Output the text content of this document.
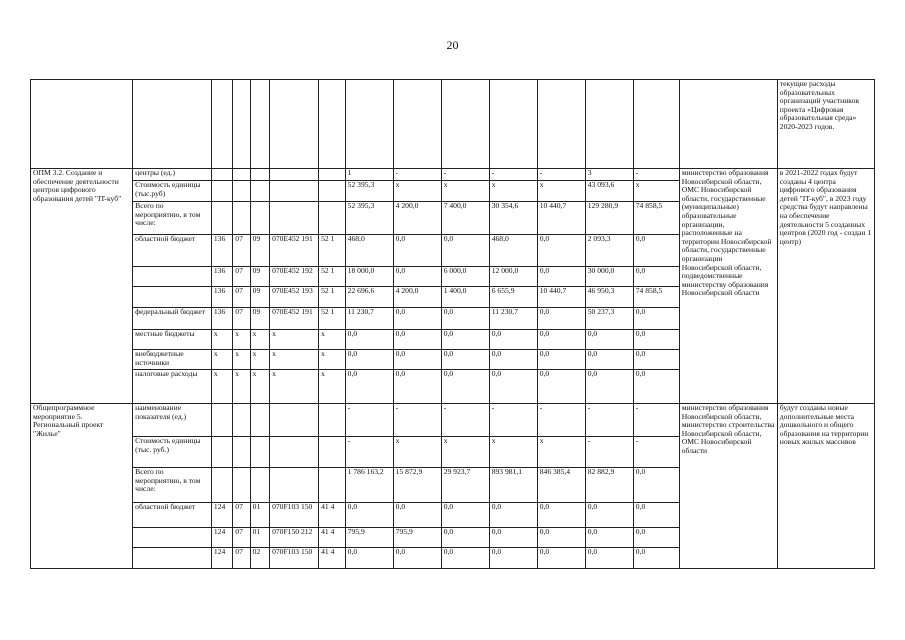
20
															текущие расходы образовательных организаций участников проекта «Цифровая образовательная среда» 2020-2023 годов.
ОПМ 3.2. Создание и обеспечение деятельности центров цифрового образования детей "IT-куб"	центры (ед.)						1	-	-	-	-	3	-	министерство образования Новосибирской области, ОМС Новосибирской области, государственные (муниципальные) образовательные организации, расположенные на территории Новосибирской области, государственные организации Новосибирской области, подведомственные министерству образования Новосибирской области	в 2021-2022 годах будут созданы 4 центра цифрового образования детей "IT-куб", в 2023 году средства будут направлены на обеспечение деятельности 5 созданных центров (2020 год - создан 1 центр)
	Стоимость единицы (тыс.руб)						52 395,3	x	x	x	x	43 093,6	x		
	Всего по мероприятию, в том числе:						52 395,3	4 200,0	7 400,0	30 354,6	10 440,7	129 280,9	74 858,5		
	областной бюджет	136	07	09	070Е452 191	52 1	468,0	0,0	0,0	468,0	0,0	2 093,3	0,0		
		136	07	09	070Е452 192	52 1	18 000,0	0,0	6 000,0	12 000,0	0,0	30 000,0	0,0		
		136	07	09	070Е452 193	52 1	22 696,6	4 200,0	1 400,0	6 655,9	10 440,7	46 950,3	74 858,5		
	федеральный бюджет	136	07	09	070Е452 191	52 1	11 230,7	0,0	0,0	11 230,7	0,0	50 237,3	0,0		
	местные бюджеты	x	x	x	x	x	0,0	0,0	0,0	0,0	0,0	0,0	0,0		
	внебюджетные источники	x	x	x	x	x	0,0	0,0	0,0	0,0	0,0	0,0	0,0		
	налоговые расходы	x	x	x	x	x	0,0	0,0	0,0	0,0	0,0	0,0	0,0		
Общепрограммное мероприятие 5. Региональный проект "Жилье"	наименование показателя (ед.)						-	-	-	-	-	-	-	министерство образования Новосибирской области, министерство строительства Новосибирской области, ОМС Новосибирской области	будут созданы новые дополнительные места дошкольного и общего образования на территории новых жилых массивов
	Стоимость единицы (тыс. руб.)						-	x	x	x	x	-	-		
	Всего по мероприятию, в том числе:						1 786 163,2	15 872,9	29 923,7	893 981,1	846 385,4	82 882,9	0,0		
	областной бюджет	124	07	01	070F103 150	41 4	0,0	0,0	0,0	0,0	0,0	0,0	0,0		
		124	07	01	070F150 212	41 4	795,9	795,9	0,0	0,0	0,0	0,0	0,0		
		124	07	02	070F103 150	41 4	0,0	0,0	0,0	0,0	0,0	0,0	0,0		
